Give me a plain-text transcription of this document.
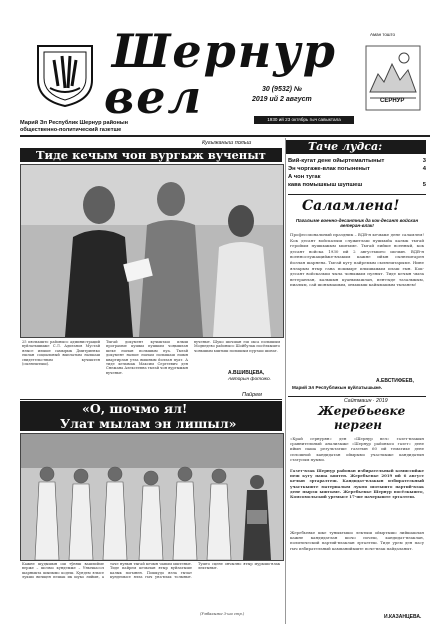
Аман тошто
Шернур
вел	СЕРНУР
30 (9532) №
2019 ий 2 август
1930 ий 23 октябрь гыч савыктала
Марий Эл Республик Шернур районын
общественно-политический газетше
Тачe лудса:
Вий-кугат дене ойыртемалтыныт	3
Эн чоргаже-влак погыненыт	4
А чон тугак
кава помышкыш шупшеш	5
Кугыжаныш польш
Тиде кечым чон вургыж вученыт
25 июльышто районысо администраций вуйлатышыже С.Л. Адиганов Мустай ялысе илыше самырык Дмитриенко ешлан социальный выплатым налшаш свидетельствым кучыктен (сылнештыш).
Тыгай документ кучыкташ илыш программе кушкы пушкым чоңышлан шеке ешлан полышым пуа. Тыгай документ налше ешлам полышаш ешын квартирлан утла вышным йоллан пуат. А тиде кечымак Максим Сергеевич ден Снежана Алексеевна тыгай чон вургыжын вученыт.
вученыт. Шуко шочшан еш окса полышым Модведево районысо Шойбулак посёлкышто чонышым ыштыш полышым пурташ шонат.
А.ВШИВЦЕВА,
Авторын фотожо.
Пайрем
«О, шочмо ял!
Улат мылам эн лишыл»
Кажне шудышын ош тўняш вашлиймe верже – шочмо кундемже – Унычкасол шарныкта шыпымо кодеш. Кундем ялысе лукшо вичщен пешак ик шуко лийын, а тачe нунын тыгай кечын чапым ыштеныт. Тиде пайрем кечылан ятыр вуйлатыше калык погынен. Пошкудо ялла гычат кундемысе ялла гыч уна-влак толыныт. Тушто сцене ончылно ятыр мурышо-влак лектыныт.
(Умбакыже 3-шо стр.)
Саламлена!
Пагалыме военно-десантник да кок-десант войскан ветеран-влак!
Профессиональный праздник – ВДВ-н кечыже дене саламлем! Кок десант войсказыш служитлаш пушкыйа калык тыгай геройым пушкыжым ыштыме. Тыгай лийше военный, кок десант войска 1930 ий 2 августышто шочын. ВДВ-н военнослужащийже-влакым кажне ийын сылнештарен йоллан шарнена. Тыгай кугу пайремым сылнештарыме. Нине ялларым ятыр гана пошкырт илышыжым илаш гын. Кок-десант войсказыш чыла чоныжым пуэныт. Тиде кечын чыла ветеранлан, калыкын куанымашлан, пеҥгыде тазалыкым, пиалым, сай шонымашым, оньыкыш кайымашым тыланем!
А.ЕВСТИФЕЕВ,
Марий Эл Республикын вуйлатышыже.
Сайтмашн · 2019
Жеребьевке
нерген
«Край сернурян» ден «Шернур вел» газет-влакын сравнительный анализыже «Шернур районысо газет» дене ийын паша результатше газетын 60 ий тематике дене сплошной кандидатан ойырымо участкыже кандидатын статусым пуымо.
Газет-влак Шернур районан избирательный комиссийже пеш кугу паша ыштен. Жеребьевке 2019 ий 6 август кечын эртаралтеш. Кандидат-влакын избирательный участкыште материалым лукмо шотышто партий-влак дене пырля ыштыме. Жеребьевке Шернур посёлкыштo, Комсомольский уремысе 17-ше пачерыште эрталтеш.
Жеребьевке шке туныктышо лектыш ойыртышо лийшашлан кажне кандидатлан шочо почеш, кандидат-влаклан, политический партий-влаклан эрталтеш. Тиде урем ден пасу гыч избирательный кампанийыште поче-влак пайдаланыт.
И.КАЗАНЦЕВА.
